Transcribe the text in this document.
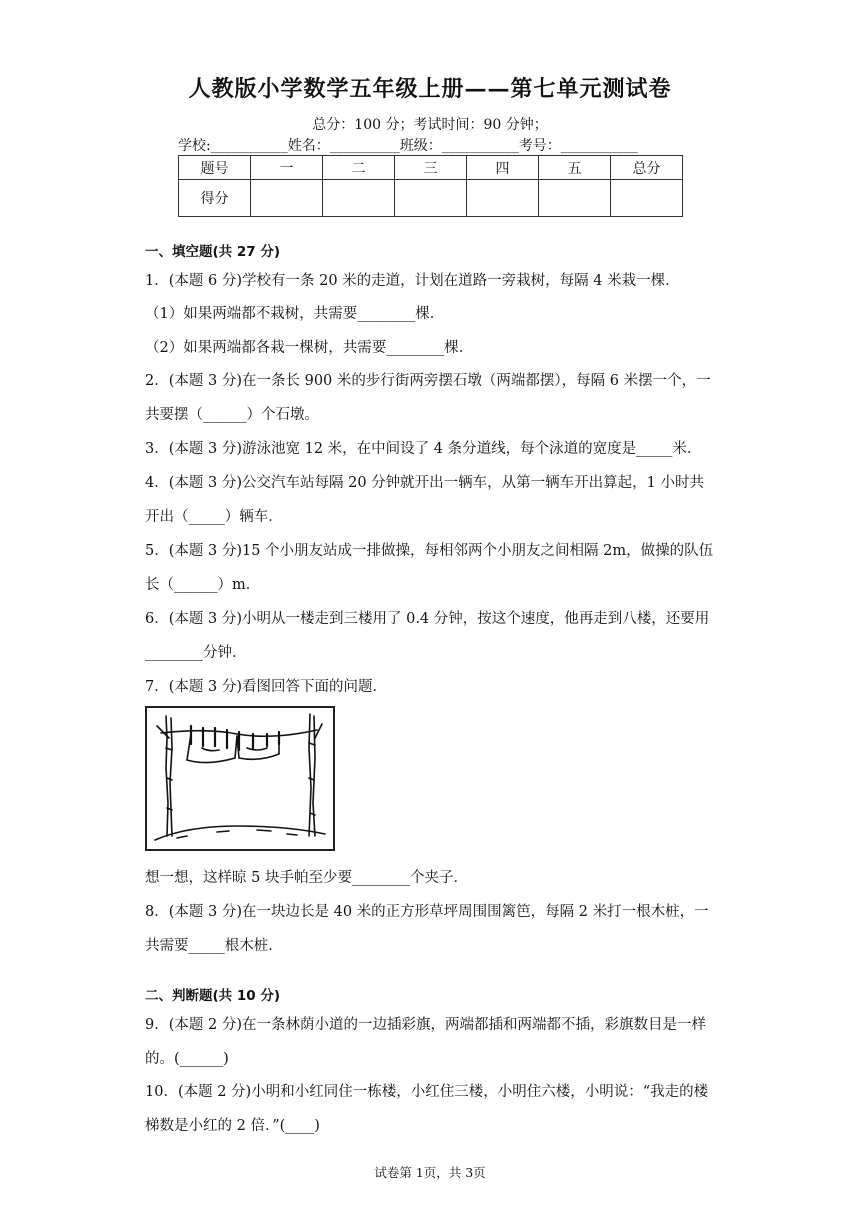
人教版小学数学五年级上册——第七单元测试卷
总分：100 分；考试时间：90 分钟；
学校:___________姓名：__________班级：___________考号：___________
题号	一	二	三	四	五	总分
得分						
一、填空题(共 27 分)
1．(本题 6 分)学校有一条 20 米的走道，计划在道路一旁栽树，每隔 4 米栽一棵．
（1）如果两端都不栽树，共需要________棵．
（2）如果两端都各栽一棵树，共需要________棵．
2．(本题 3 分)在一条长 900 米的步行街两旁摆石墩（两端都摆），每隔 6 米摆一个，一
共要摆（______）个石墩。
3．(本题 3 分)游泳池宽 12 米，在中间设了 4 条分道线，每个泳道的宽度是_____米．
4．(本题 3 分)公交汽车站每隔 20 分钟就开出一辆车，从第一辆车开出算起，1 小时共
开出（_____）辆车．
5．(本题 3 分)15 个小朋友站成一排做操，每相邻两个小朋友之间相隔 2m，做操的队伍
长（______）m．
6．(本题 3 分)小明从一楼走到三楼用了 0.4 分钟，按这个速度，他再走到八楼，还要用
________分钟．
7．(本题 3 分)看图回答下面的问题．
想一想，这样晾 5 块手帕至少要________个夹子．
8．(本题 3 分)在一块边长是 40 米的正方形草坪周围围篱笆，每隔 2 米打一根木桩，一
共需要_____根木桩．
二、判断题(共 10 分)
9．(本题 2 分)在一条林荫小道的一边插彩旗，两端都插和两端都不插，彩旗数目是一样
的。(______)
10．(本题 2 分)小明和小红同住一栋楼，小红住三楼，小明住六楼，小明说：“我走的楼
梯数是小红的 2 倍．”(____)
试卷第 1页，共 3页
